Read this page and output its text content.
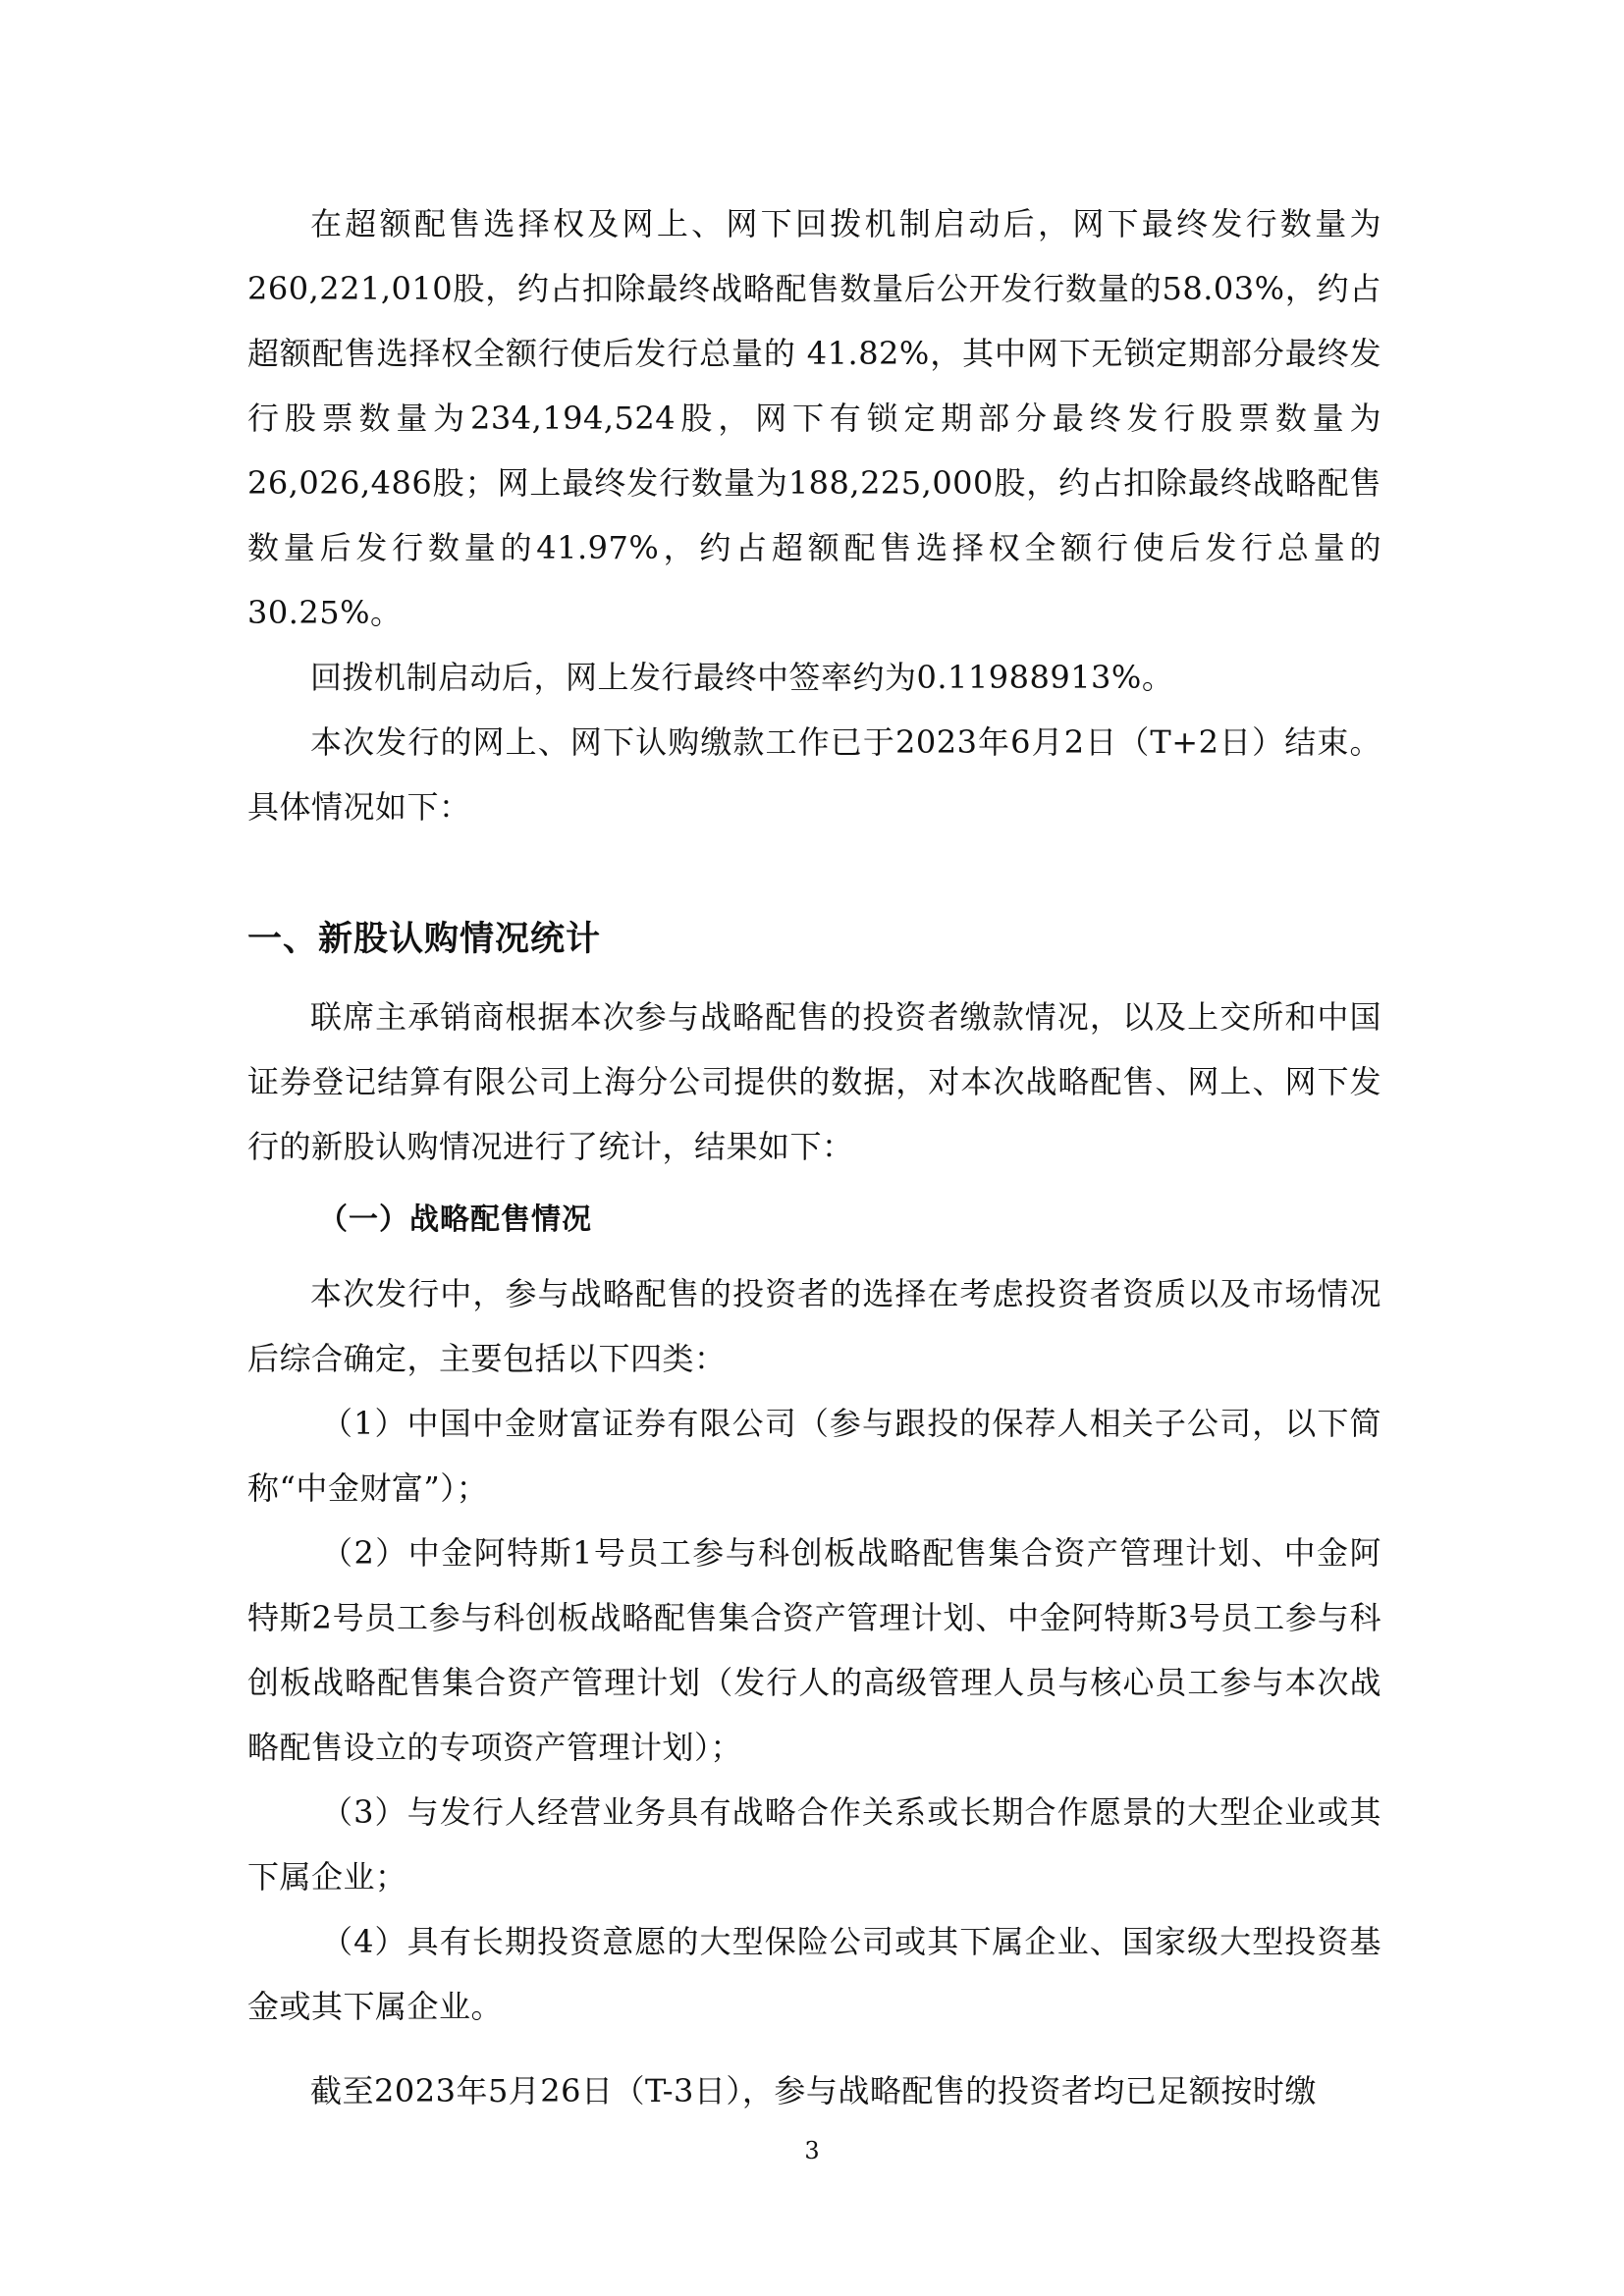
在超额配售选择权及网上、网下回拨机制启动后，网下最终发行数量为260,221,010股，约占扣除最终战略配售数量后公开发行数量的58.03%，约占超额配售选择权全额行使后发行总量的 41.82%，其中网下无锁定期部分最终发行股票数量为234,194,524股，网下有锁定期部分最终发行股票数量为26,026,486股；网上最终发行数量为188,225,000股，约占扣除最终战略配售数量后发行数量的41.97%，约占超额配售选择权全额行使后发行总量的30.25%。

回拨机制启动后，网上发行最终中签率约为0.11988913%。

本次发行的网上、网下认购缴款工作已于2023年6月2日（T+2日）结束。具体情况如下：

一、新股认购情况统计

联席主承销商根据本次参与战略配售的投资者缴款情况，以及上交所和中国证券登记结算有限公司上海分公司提供的数据，对本次战略配售、网上、网下发行的新股认购情况进行了统计，结果如下：

（一）战略配售情况

本次发行中，参与战略配售的投资者的选择在考虑投资者资质以及市场情况后综合确定，主要包括以下四类：

（1）中国中金财富证券有限公司（参与跟投的保荐人相关子公司，以下简称“中金财富”）；

（2）中金阿特斯1号员工参与科创板战略配售集合资产管理计划、中金阿特斯2号员工参与科创板战略配售集合资产管理计划、中金阿特斯3号员工参与科创板战略配售集合资产管理计划（发行人的高级管理人员与核心员工参与本次战略配售设立的专项资产管理计划）；

（3）与发行人经营业务具有战略合作关系或长期合作愿景的大型企业或其下属企业；

（4）具有长期投资意愿的大型保险公司或其下属企业、国家级大型投资基金或其下属企业。

截至2023年5月26日（T-3日），参与战略配售的投资者均已足额按时缴

3
